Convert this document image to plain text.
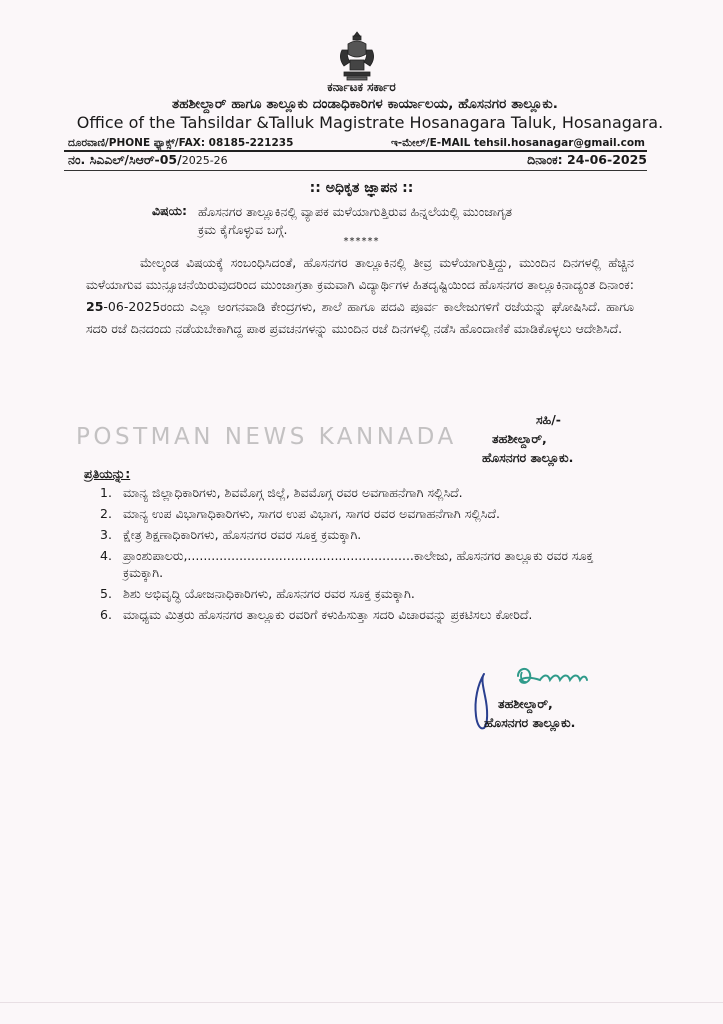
ಕರ್ನಾಟಕ ಸರ್ಕಾರ
ತಹಶೀಲ್ದಾರ್ ಹಾಗೂ ತಾಲ್ಲೂಕು ದಂಡಾಧಿಕಾರಿಗಳ ಕಾರ್ಯಾಲಯ, ಹೊಸನಗರ ತಾಲ್ಲೂಕು.
Office of the Tahsildar &Talluk Magistrate Hosanagara Taluk, Hosanagara.
ದೂರವಾಣಿ/PHONE ಫ್ಯಾಕ್ಸ್/FAX: 08185-221235	ಇ-ಮೇಲ್/E-MAIL tehsil.hosanagar@gmail.com
ನಂ. ಸಿಎಎಲ್/ಸಿಆರ್-05/2025-26	ದಿನಾಂಕ: 24-06-2025
:: ಅಧಿಕೃತ ಜ್ಞಾಪನ ::
ವಿಷಯ: ಹೊಸನಗರ ತಾಲ್ಲೂಕಿನಲ್ಲಿ ವ್ಯಾಪಕ ಮಳೆಯಾಗುತ್ತಿರುವ ಹಿನ್ನಲೆಯಲ್ಲಿ ಮುಂಜಾಗೃತ ಕ್ರಮ ಕೈಗೊಳ್ಳುವ ಬಗ್ಗೆ.
******
ಮೇಲ್ಕಂಡ ವಿಷಯಕ್ಕೆ ಸಂಬಂಧಿಸಿದಂತೆ, ಹೊಸನಗರ ತಾಲ್ಲೂಕಿನಲ್ಲಿ ತೀವ್ರ ಮಳೆಯಾಗುತ್ತಿದ್ದು, ಮುಂದಿನ ದಿನಗಳಲ್ಲಿ ಹೆಚ್ಚಿನ ಮಳೆಯಾಗುವ ಮುನ್ಸೂಚನೆಯಿರುವುದರಿಂದ ಮುಂಜಾಗ್ರತಾ ಕ್ರಮವಾಗಿ ವಿದ್ಯಾರ್ಥಿಗಳ ಹಿತದೃಷ್ಟಿಯಿಂದ ಹೊಸನಗರ ತಾಲ್ಲೂಕಿನಾದ್ಯಂತ ದಿನಾಂಕ: 25-06-2025ರಂದು ಎಲ್ಲಾ ಅಂಗನವಾಡಿ ಕೇಂದ್ರಗಳು, ಶಾಲೆ ಹಾಗೂ ಪದವಿ ಪೂರ್ವ ಕಾಲೇಜುಗಳಿಗೆ ರಜೆಯನ್ನು ಘೋಷಿಸಿದೆ. ಹಾಗೂ ಸದರಿ ರಜೆ ದಿನದಂದು ನಡೆಯಬೇಕಾಗಿದ್ದ ಪಾಠ ಪ್ರವಚನಗಳನ್ನು ಮುಂದಿನ ರಜೆ ದಿನಗಳಲ್ಲಿ ನಡೆಸಿ ಹೊಂದಾಣಿಕೆ ಮಾಡಿಕೊಳ್ಳಲು ಆದೇಶಿಸಿದೆ.
ಸಹಿ/-
ತಹಶೀಲ್ದಾರ್,
ಹೊಸನಗರ ತಾಲ್ಲೂಕು.
POSTMAN NEWS KANNADA
ಪ್ರತಿಯನ್ನು:
1. ಮಾನ್ಯ ಜಿಲ್ಲಾಧಿಕಾರಿಗಳು, ಶಿವಮೊಗ್ಗ ಜಿಲ್ಲೆ, ಶಿವಮೊಗ್ಗ ರವರ ಅವಗಾಹನೆಗಾಗಿ ಸಲ್ಲಿಸಿದೆ.
2. ಮಾನ್ಯ ಉಪ ವಿಭಾಗಾಧಿಕಾರಿಗಳು, ಸಾಗರ ಉಪ ವಿಭಾಗ, ಸಾಗರ ರವರ ಅವಗಾಹನೆಗಾಗಿ ಸಲ್ಲಿಸಿದೆ.
3. ಕ್ಷೇತ್ರ ಶಿಕ್ಷಣಾಧಿಕಾರಿಗಳು, ಹೊಸನಗರ ರವರ ಸೂಕ್ತ ಕ್ರಮಕ್ಕಾಗಿ.
4. ಪ್ರಾಂಶುಪಾಲರು,.........................................................ಕಾಲೇಜು, ಹೊಸನಗರ ತಾಲ್ಲೂಕು ರವರ ಸೂಕ್ತ ಕ್ರಮಕ್ಕಾಗಿ.
5. ಶಿಶು ಅಭಿವೃದ್ಧಿ ಯೋಜನಾಧಿಕಾರಿಗಳು, ಹೊಸನಗರ ರವರ ಸೂಕ್ತ ಕ್ರಮಕ್ಕಾಗಿ.
6. ಮಾಧ್ಯಮ ಮಿತ್ರರು ಹೊಸನಗರ ತಾಲ್ಲೂಕು ರವರಿಗೆ ಕಳುಹಿಸುತ್ತಾ ಸದರಿ ವಿಚಾರವನ್ನು ಪ್ರಕಟಿಸಲು ಕೋರಿದೆ.
ತಹಶೀಲ್ದಾರ್,
ಹೊಸನಗರ ತಾಲ್ಲೂಕು.
